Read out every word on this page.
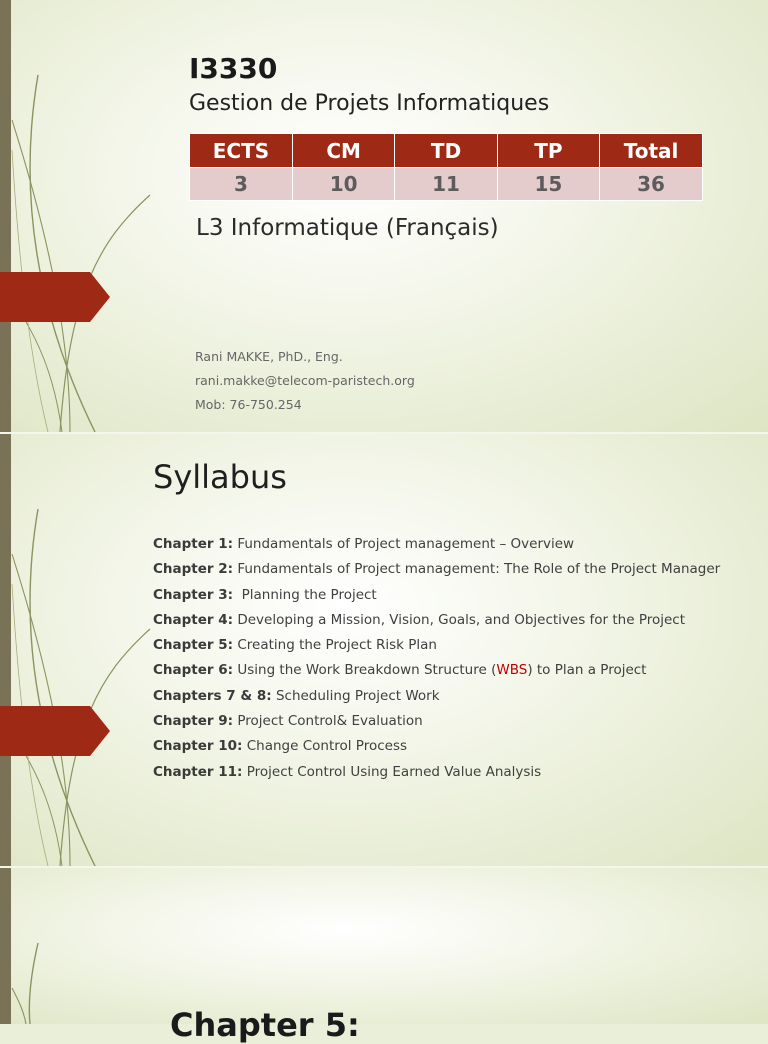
I3330
Gestion de Projets Informatiques
ECTS	CM	TD	TP	Total
3	10	11	15	36
L3 Informatique (Français)
Rani MAKKE, PhD., Eng.
rani.makke@telecom-paristech.org
Mob: 76-750.254
Syllabus
Chapter 1: Fundamentals of Project management – Overview
Chapter 2: Fundamentals of Project management: The Role of the Project Manager
Chapter 3:  Planning the Project
Chapter 4: Developing a Mission, Vision, Goals, and Objectives for the Project
Chapter 5: Creating the Project Risk Plan
Chapter 6: Using the Work Breakdown Structure (WBS) to Plan a Project
Chapters 7 & 8: Scheduling Project Work
Chapter 9: Project Control& Evaluation
Chapter 10: Change Control Process
Chapter 11: Project Control Using Earned Value Analysis
Chapter 5:
